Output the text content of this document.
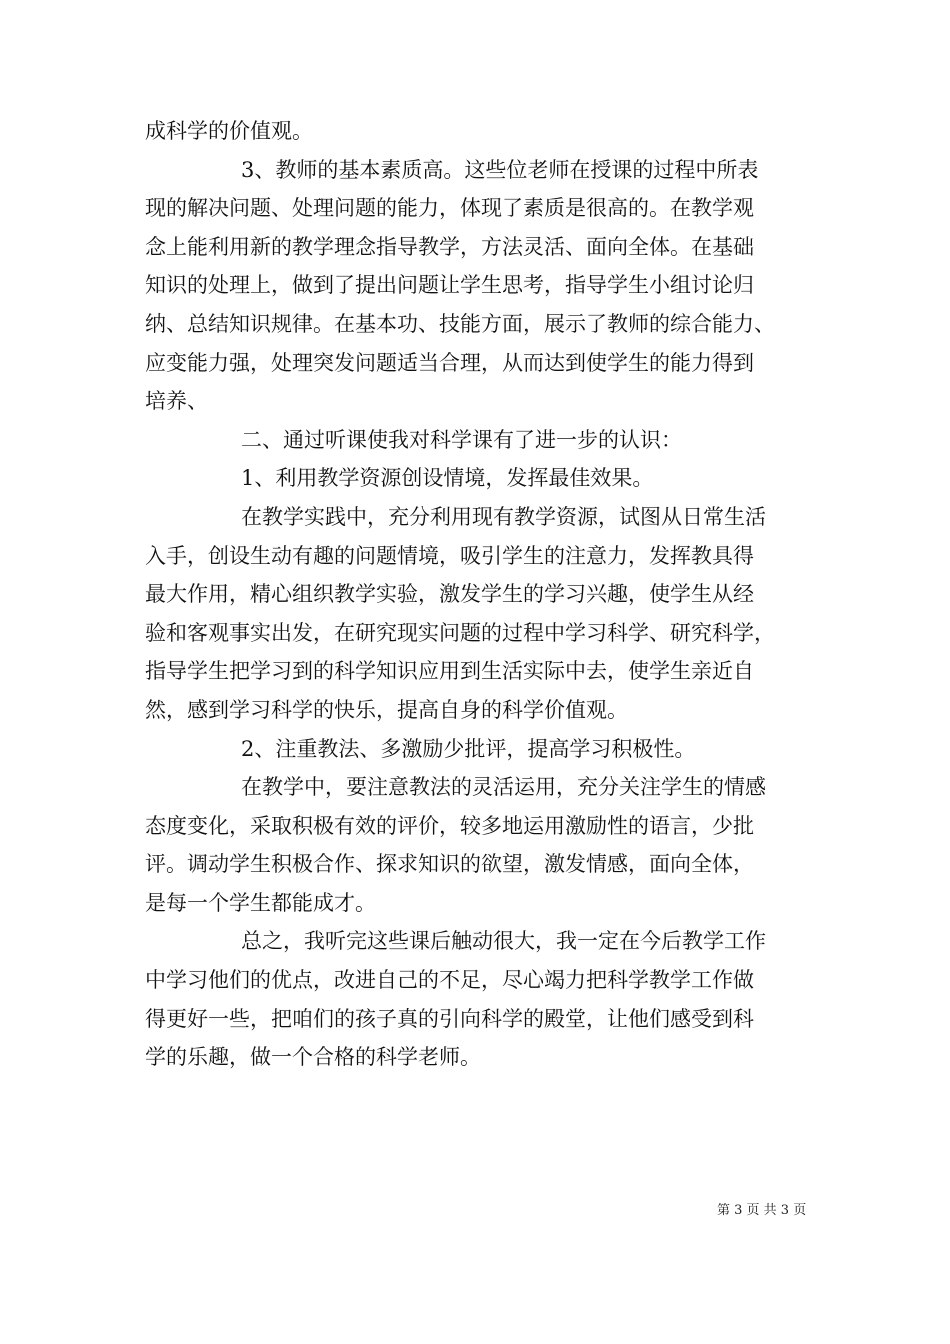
成科学的价值观。
3、教师的基本素质高。这些位老师在授课的过程中所表
现的解决问题、处理问题的能力，体现了素质是很高的。在教学观
念上能利用新的教学理念指导教学，方法灵活、面向全体。在基础
知识的处理上，做到了提出问题让学生思考，指导学生小组讨论归
纳、总结知识规律。在基本功、技能方面，展示了教师的综合能力、
应变能力强，处理突发问题适当合理，从而达到使学生的能力得到
培养、
二、通过听课使我对科学课有了进一步的认识：
1、利用教学资源创设情境，发挥最佳效果。
在教学实践中，充分利用现有教学资源，试图从日常生活
入手，创设生动有趣的问题情境，吸引学生的注意力，发挥教具得
最大作用，精心组织教学实验，激发学生的学习兴趣，使学生从经
验和客观事实出发，在研究现实问题的过程中学习科学、研究科学，
指导学生把学习到的科学知识应用到生活实际中去，使学生亲近自
然，感到学习科学的快乐，提高自身的科学价值观。
2、注重教法、多激励少批评，提高学习积极性。
在教学中，要注意教法的灵活运用，充分关注学生的情感
态度变化，采取积极有效的评价，较多地运用激励性的语言，少批
评。调动学生积极合作、探求知识的欲望，激发情感，面向全体，
是每一个学生都能成才。
总之，我听完这些课后触动很大，我一定在今后教学工作
中学习他们的优点，改进自己的不足，尽心竭力把科学教学工作做
得更好一些，把咱们的孩子真的引向科学的殿堂，让他们感受到科
学的乐趣，做一个合格的科学老师。
第 3 页 共 3 页
